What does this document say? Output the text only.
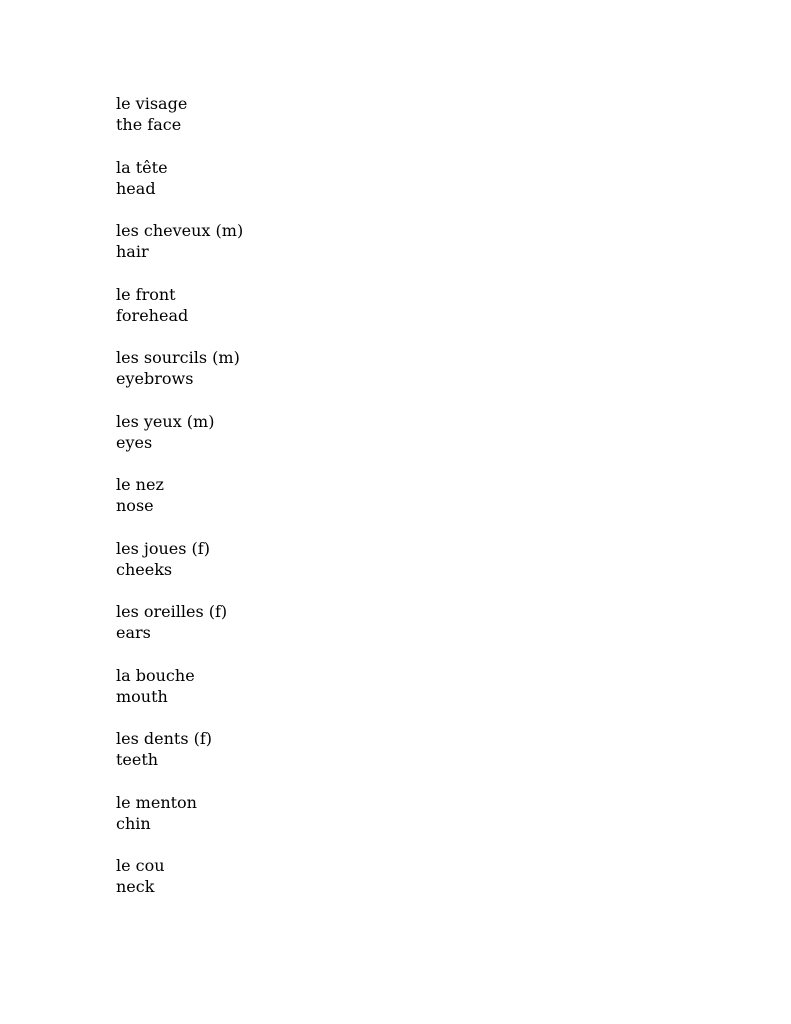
le visage
the face
la tête
head
les cheveux (m)
hair
le front
forehead
les sourcils (m)
eyebrows
les yeux (m)
eyes
le nez
nose
les joues (f)
cheeks
les oreilles (f)
ears
la bouche
mouth
les dents (f)
teeth
le menton
chin
le cou
neck
